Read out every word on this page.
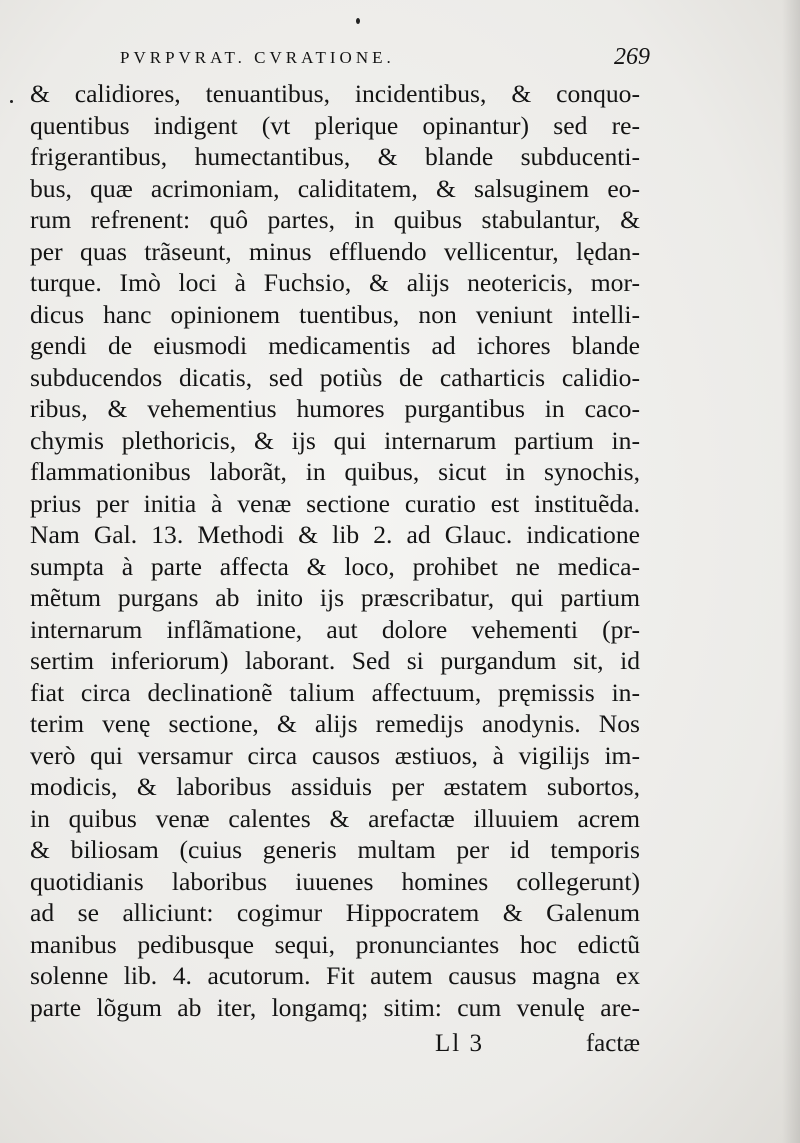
PVRPVRAT. CVRATIONE.	269
& calidiores, tenuantibus, incidentibus, & conquo-
quentibus indigent (vt plerique opinantur) sed re-
frigerantibus, humectantibus, & blande subducenti-
bus, quæ acrimoniam, caliditatem, & salsuginem eo-
rum refrenent: quô partes, in quibus stabulantur, &
per quas trãseunt, minus effluendo vellicentur, lędan-
turque. Imò loci à Fuchsio, & alijs neotericis, mor-
dicus hanc opinionem tuentibus, non veniunt intelli-
gendi de eiusmodi medicamentis ad ichores blande
subducendos dicatis, sed potiùs de catharticis calidio-
ribus, & vehementius humores purgantibus in caco-
chymis plethoricis, & ijs qui internarum partium in-
flammationibus laborãt, in quibus, sicut in synochis,
prius per initia à venæ sectione curatio est instituẽda.
Nam Gal. 13. Methodi & lib 2. ad Glauc. indicatione
sumpta à parte affecta & loco, prohibet ne medica-
mẽtum purgans ab inito ijs præscribatur, qui partium
internarum inflãmatione, aut dolore vehementi (pr-
sertim inferiorum) laborant. Sed si purgandum sit, id
fiat circa declinationẽ talium affectuum, pręmissis in-
terim venę sectione, & alijs remedijs anodynis. Nos
verò qui versamur circa causos æstiuos, à vigilijs im-
modicis, & laboribus assiduis per æstatem subortos,
in quibus venæ calentes & arefactæ illuuiem acrem
& biliosam (cuius generis multam per id temporis
quotidianis laboribus iuuenes homines collegerunt)
ad se alliciunt: cogimur Hippocratem & Galenum
manibus pedibusque sequi, pronunciantes hoc edictũ
solenne lib. 4. acutorum. Fit autem causus magna ex
parte lõgum ab iter, longamq; sitim: cum venulę are-
Ll 3	factæ
